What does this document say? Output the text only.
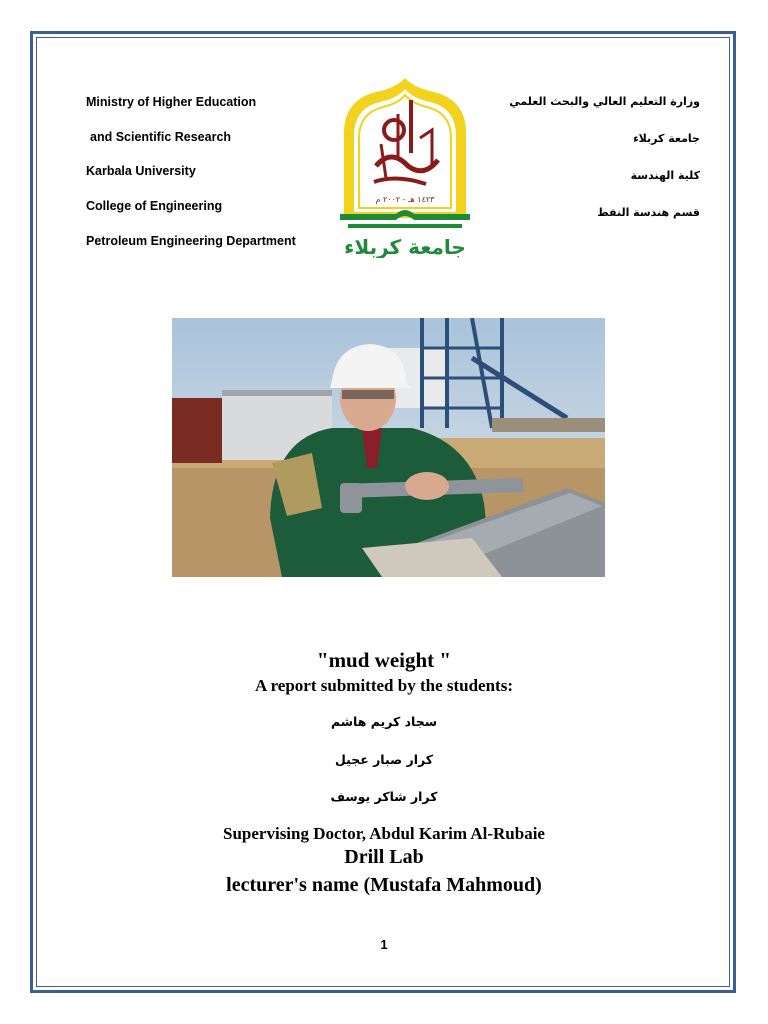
Ministry of Higher Education
and Scientific Research
Karbala University
College of Engineering
Petroleum Engineering Department
وزارة التعليم العالي والبحث العلمي
جامعة كربلاء
كلية الهندسة
قسم هندسة النفط
١٤٢٣ هـ - ٢٠٠٢ م
جامعة كربلاء
"mud weight "
A report submitted by the students:
سجاد كريم هاشم
كرار صبار عجيل
كرار شاكر يوسف
Supervising Doctor, Abdul Karim Al-Rubaie
Drill Lab
lecturer's name (Mustafa Mahmoud)
1
